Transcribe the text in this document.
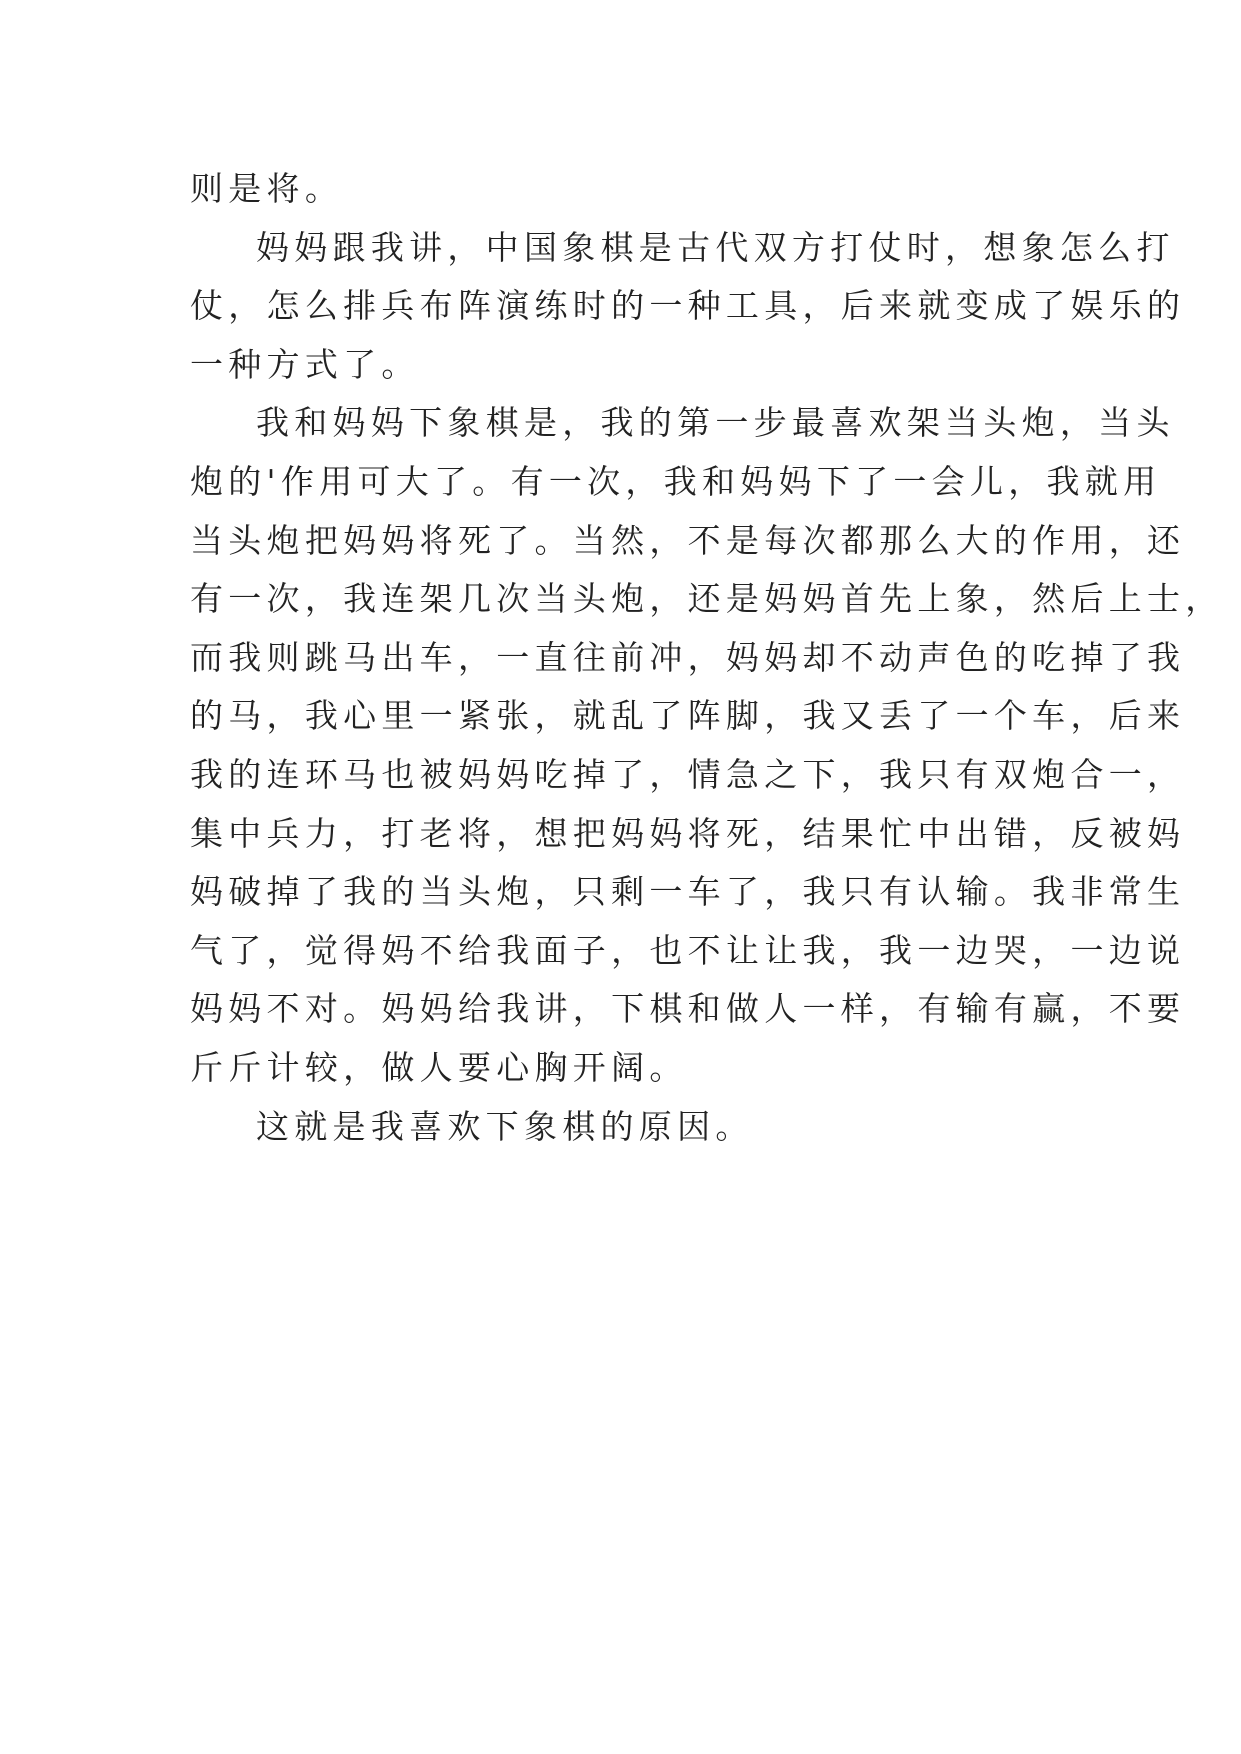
则是将。
妈妈跟我讲，中国象棋是古代双方打仗时，想象怎么打
仗，怎么排兵布阵演练时的一种工具，后来就变成了娱乐的
一种方式了。
我和妈妈下象棋是，我的第一步最喜欢架当头炮，当头
炮的'作用可大了。有一次，我和妈妈下了一会儿，我就用
当头炮把妈妈将死了。当然，不是每次都那么大的作用，还
有一次，我连架几次当头炮，还是妈妈首先上象，然后上士，
而我则跳马出车，一直往前冲，妈妈却不动声色的吃掉了我
的马，我心里一紧张，就乱了阵脚，我又丢了一个车，后来
我的连环马也被妈妈吃掉了，情急之下，我只有双炮合一，
集中兵力，打老将，想把妈妈将死，结果忙中出错，反被妈
妈破掉了我的当头炮，只剩一车了，我只有认输。我非常生
气了，觉得妈不给我面子，也不让让我，我一边哭，一边说
妈妈不对。妈妈给我讲，下棋和做人一样，有输有赢，不要
斤斤计较，做人要心胸开阔。
这就是我喜欢下象棋的原因。
